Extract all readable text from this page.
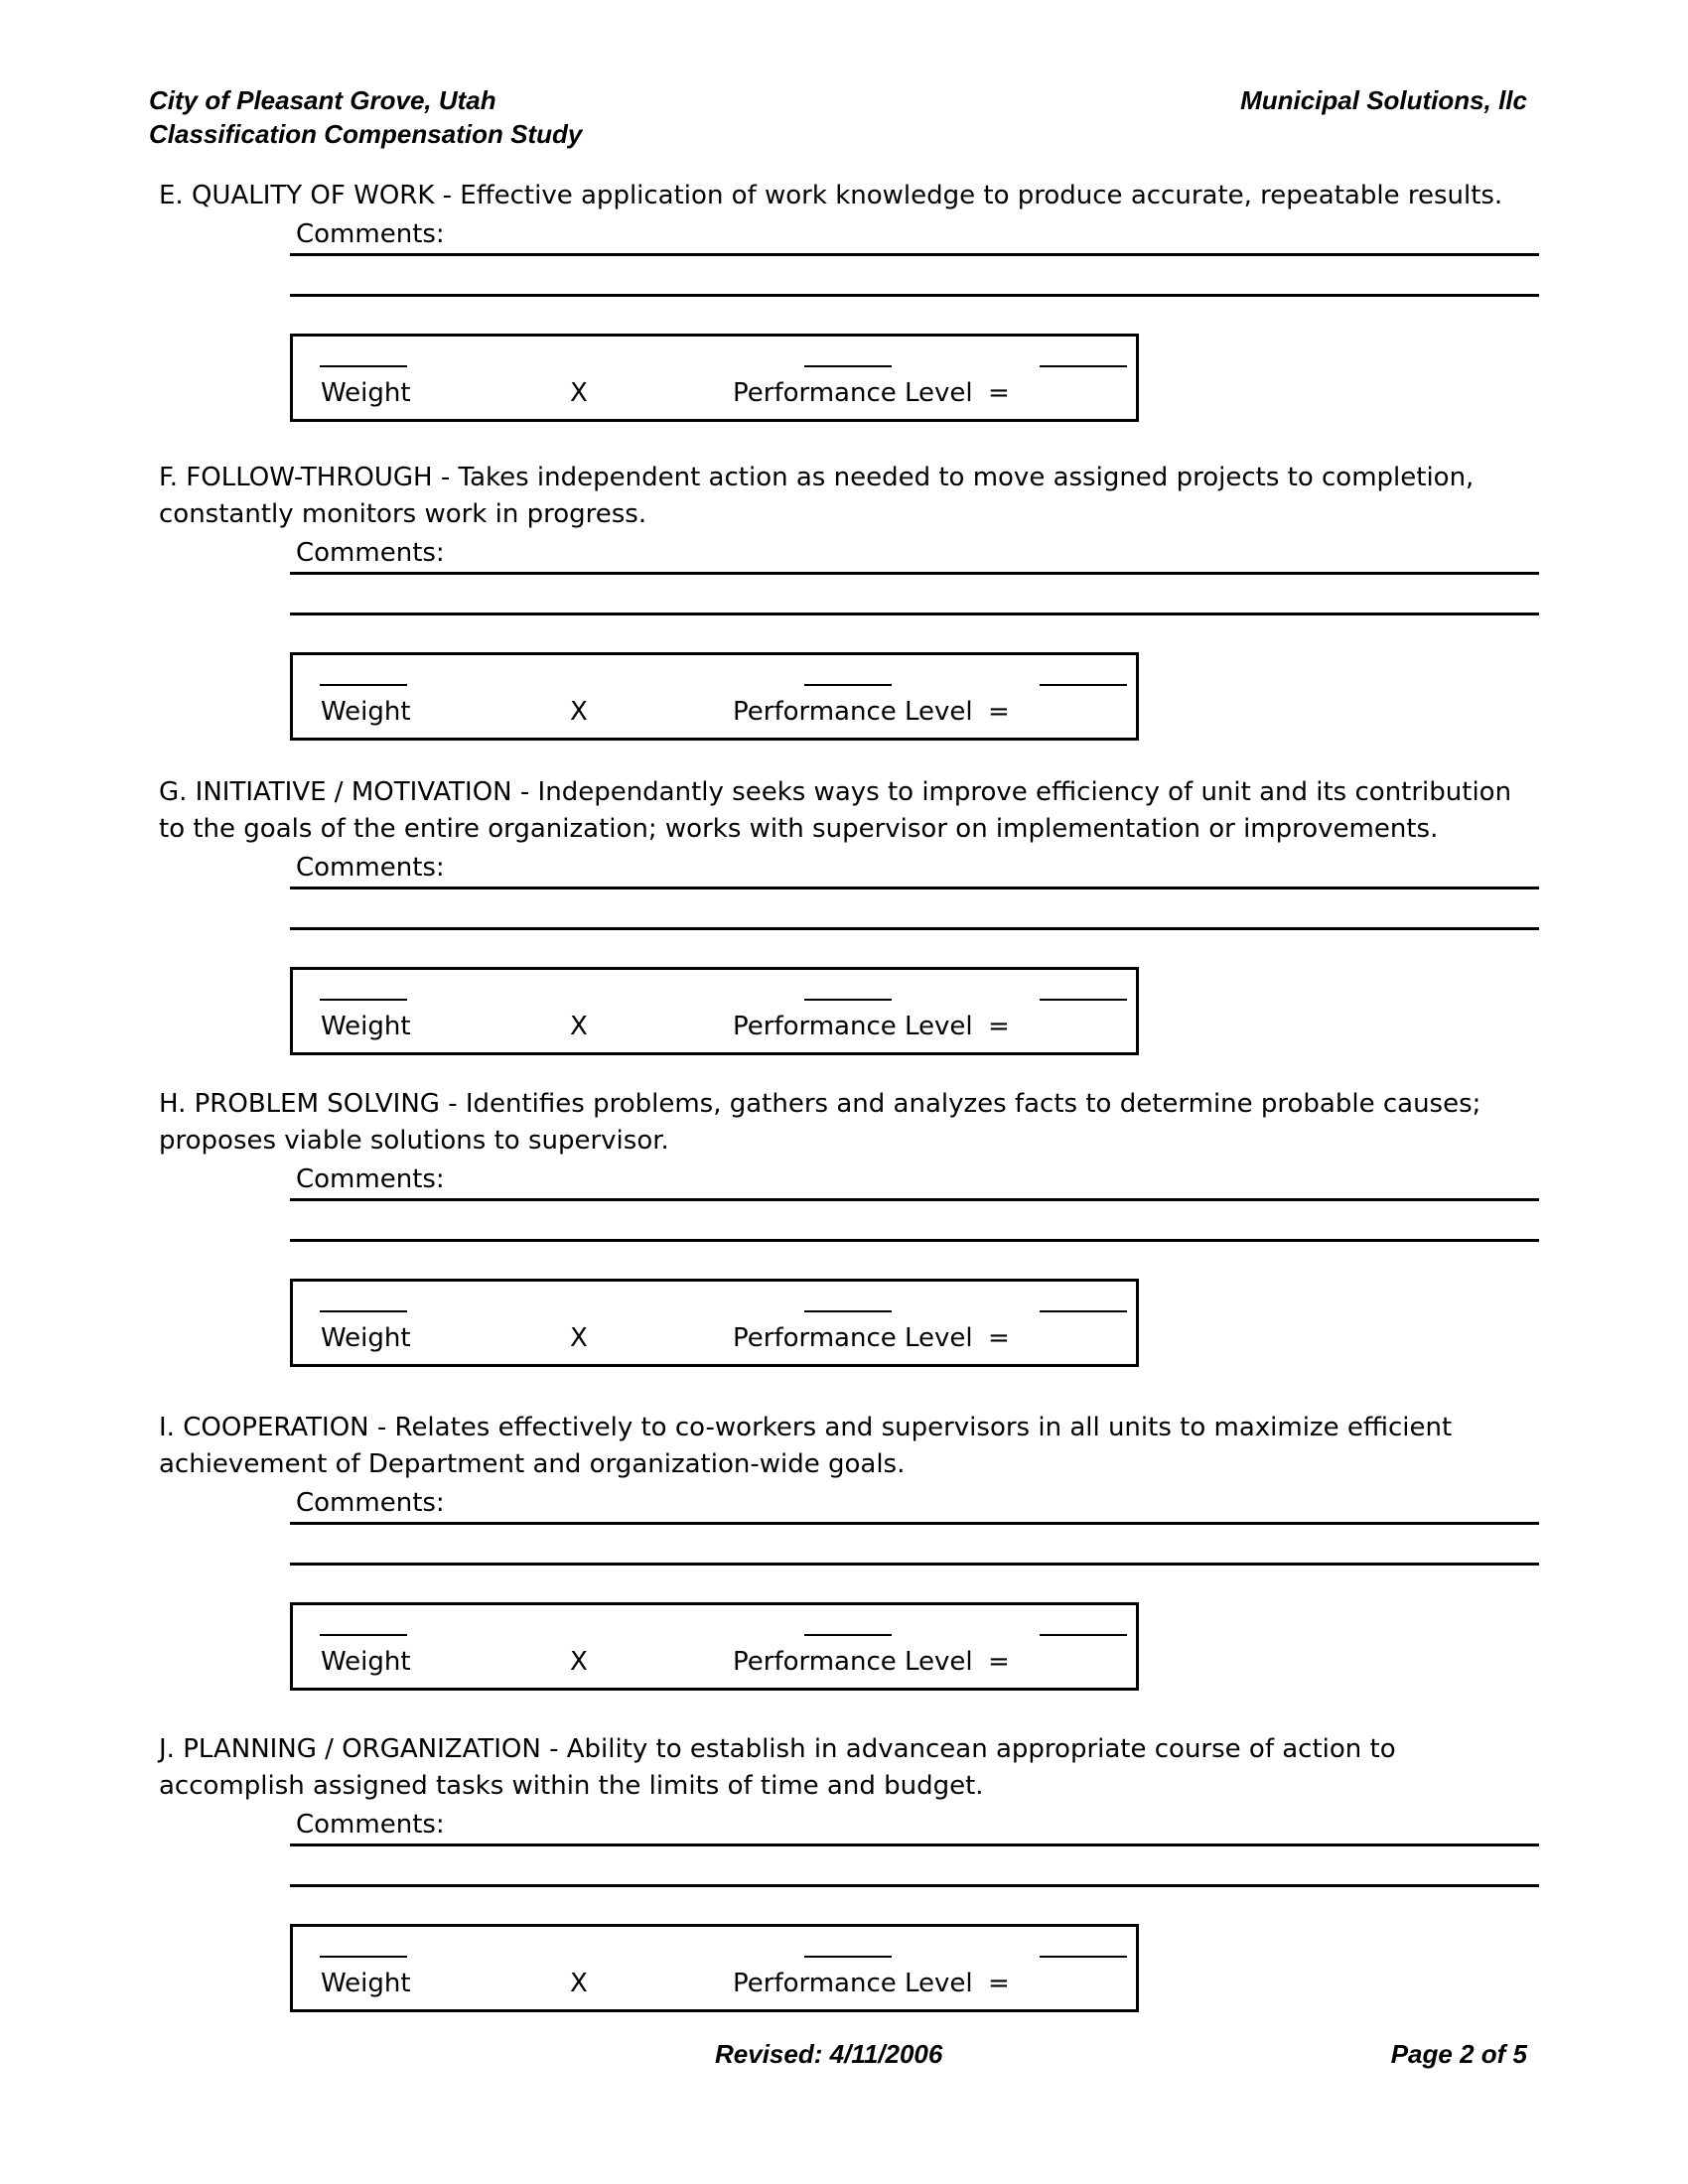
City of Pleasant Grove, Utah
Classification Compensation Study
Municipal Solutions, llc

E. QUALITY OF WORK - Effective application of work knowledge to produce accurate, repeatable results.

Comments:
Weight	X	Performance Level =

F. FOLLOW-THROUGH - Takes independent action as needed to move assigned projects to completion, constantly monitors work in progress.

Comments:
Weight	X	Performance Level =

G. INITIATIVE / MOTIVATION - Independantly seeks ways to improve efficiency of unit and its contribution to the goals of the entire organization; works with supervisor on implementation or improvements.

Comments:
Weight	X	Performance Level =

H. PROBLEM SOLVING - Identifies problems, gathers and analyzes facts to determine probable causes; proposes viable solutions to supervisor.

Comments:
Weight	X	Performance Level =

I. COOPERATION - Relates effectively to co-workers and supervisors in all units to maximize efficient achievement of Department and organization-wide goals.

Comments:
Weight	X	Performance Level =

J. PLANNING / ORGANIZATION - Ability to establish in advancean appropriate course of action to accomplish assigned tasks within the limits of time and budget.

Comments:
Weight	X	Performance Level =
Revised: 4/11/2006	Page 2 of 5
